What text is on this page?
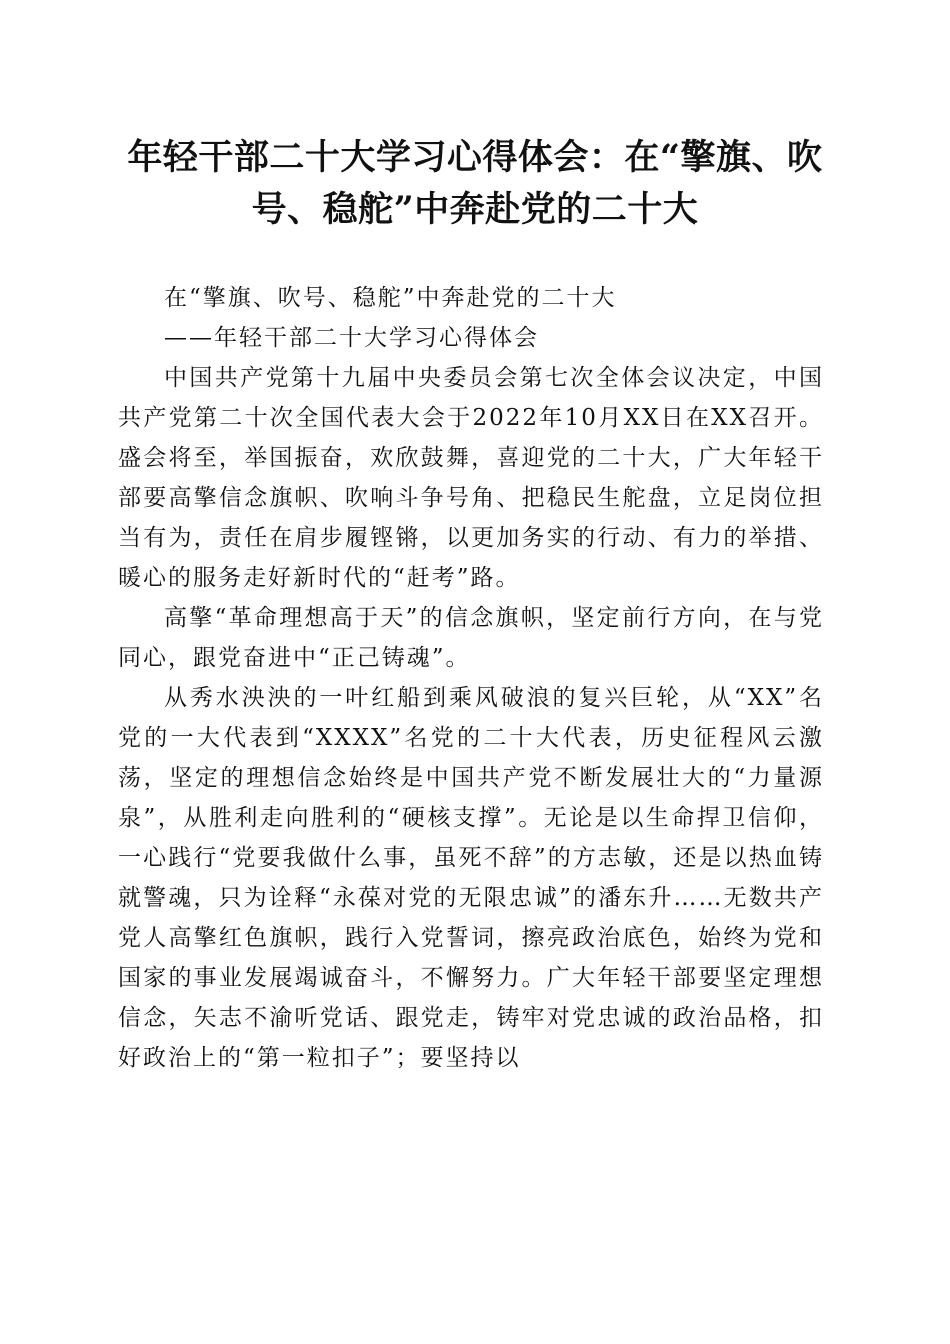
年轻干部二十大学习心得体会：在“擎旗、吹号、稳舵”中奔赴党的二十大

在“擎旗、吹号、稳舵”中奔赴党的二十大

——年轻干部二十大学习心得体会

中国共产党第十九届中央委员会第七次全体会议决定，中国共产党第二十次全国代表大会于2022年10月XX日在XX召开。盛会将至，举国振奋，欢欣鼓舞，喜迎党的二十大，广大年轻干部要高擎信念旗帜、吹响斗争号角、把稳民生舵盘，立足岗位担当有为，责任在肩步履铿锵，以更加务实的行动、有力的举措、暖心的服务走好新时代的“赶考”路。

高擎“革命理想高于天”的信念旗帜，坚定前行方向，在与党同心，跟党奋进中“正己铸魂”。

从秀水泱泱的一叶红船到乘风破浪的复兴巨轮，从“XX”名党的一大代表到“XXXX”名党的二十大代表，历史征程风云激荡，坚定的理想信念始终是中国共产党不断发展壮大的“力量源泉”，从胜利走向胜利的“硬核支撑”。无论是以生命捍卫信仰，一心践行“党要我做什么事，虽死不辞”的方志敏，还是以热血铸就警魂，只为诠释“永葆对党的无限忠诚”的潘东升……无数共产党人高擎红色旗帜，践行入党誓词，擦亮政治底色，始终为党和国家的事业发展竭诚奋斗，不懈努力。广大年轻干部要坚定理想信念，矢志不渝听党话、跟党走，铸牢对党忠诚的政治品格，扣好政治上的“第一粒扣子”；要坚持以
